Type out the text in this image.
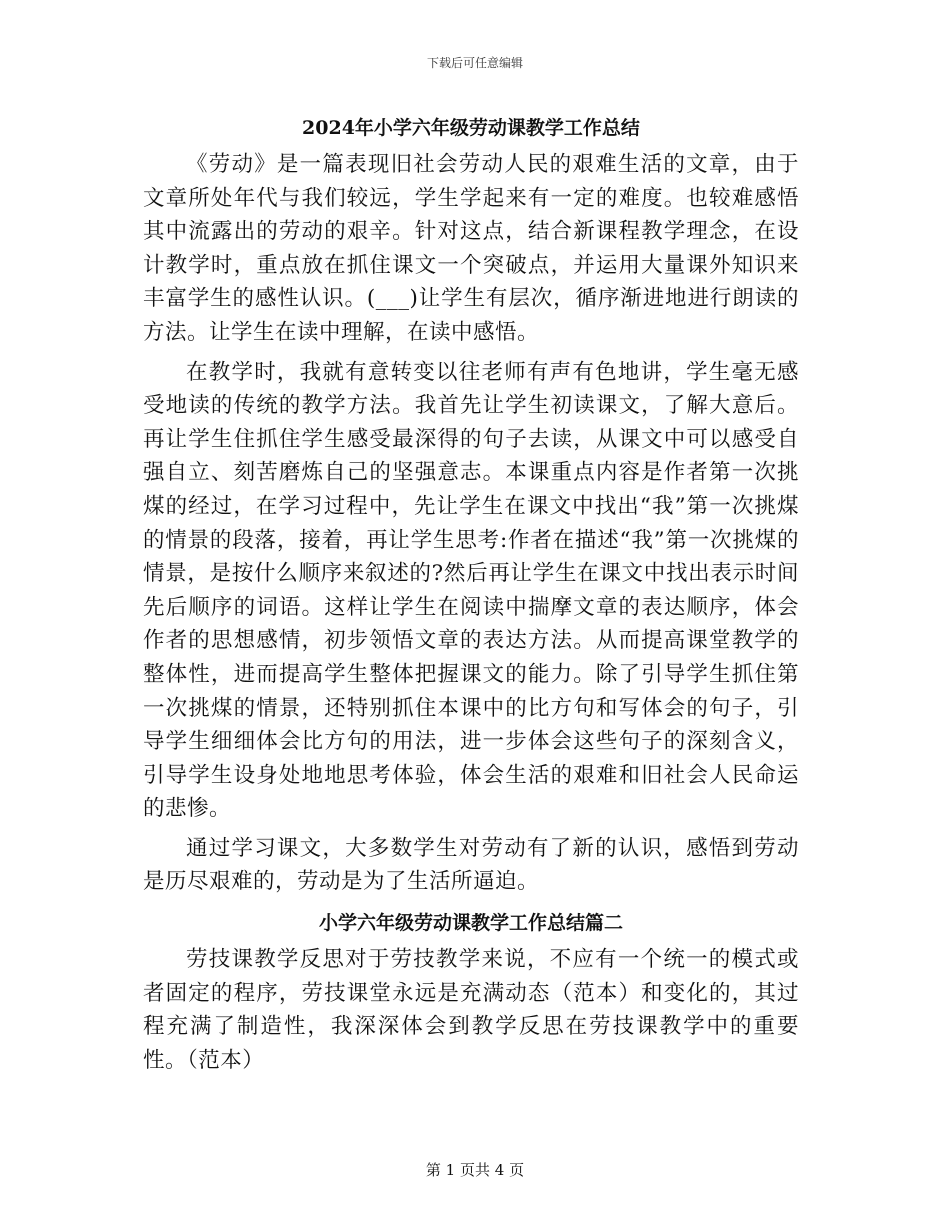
下载后可任意编辑
2024年小学六年级劳动课教学工作总结

《劳动》是一篇表现旧社会劳动人民的艰难生活的文章，由于文章所处年代与我们较远，学生学起来有一定的难度。也较难感悟其中流露出的劳动的艰辛。针对这点，结合新课程教学理念，在设计教学时，重点放在抓住课文一个突破点，并运用大量课外知识来丰富学生的感性认识。(___)让学生有层次，循序渐进地进行朗读的方法。让学生在读中理解，在读中感悟。

在教学时，我就有意转变以往老师有声有色地讲，学生毫无感受地读的传统的教学方法。我首先让学生初读课文，了解大意后。再让学生住抓住学生感受最深得的句子去读，从课文中可以感受自强自立、刻苦磨炼自己的坚强意志。本课重点内容是作者第一次挑煤的经过，在学习过程中，先让学生在课文中找出“我”第一次挑煤的情景的段落，接着，再让学生思考:作者在描述“我”第一次挑煤的情景，是按什么顺序来叙述的?然后再让学生在课文中找出表示时间先后顺序的词语。这样让学生在阅读中揣摩文章的表达顺序，体会作者的思想感情，初步领悟文章的表达方法。从而提高课堂教学的整体性，进而提高学生整体把握课文的能力。除了引导学生抓住第一次挑煤的情景，还特别抓住本课中的比方句和写体会的句子，引导学生细细体会比方句的用法，进一步体会这些句子的深刻含义，引导学生设身处地地思考体验，体会生活的艰难和旧社会人民命运的悲惨。

通过学习课文，大多数学生对劳动有了新的认识，感悟到劳动是历尽艰难的，劳动是为了生活所逼迫。

小学六年级劳动课教学工作总结篇二

劳技课教学反思对于劳技教学来说，不应有一个统一的模式或者固定的程序，劳技课堂永远是充满动态（范本）和变化的，其过程充满了制造性，我深深体会到教学反思在劳技课教学中的重要性。（范本）

第 1 页共 4 页
